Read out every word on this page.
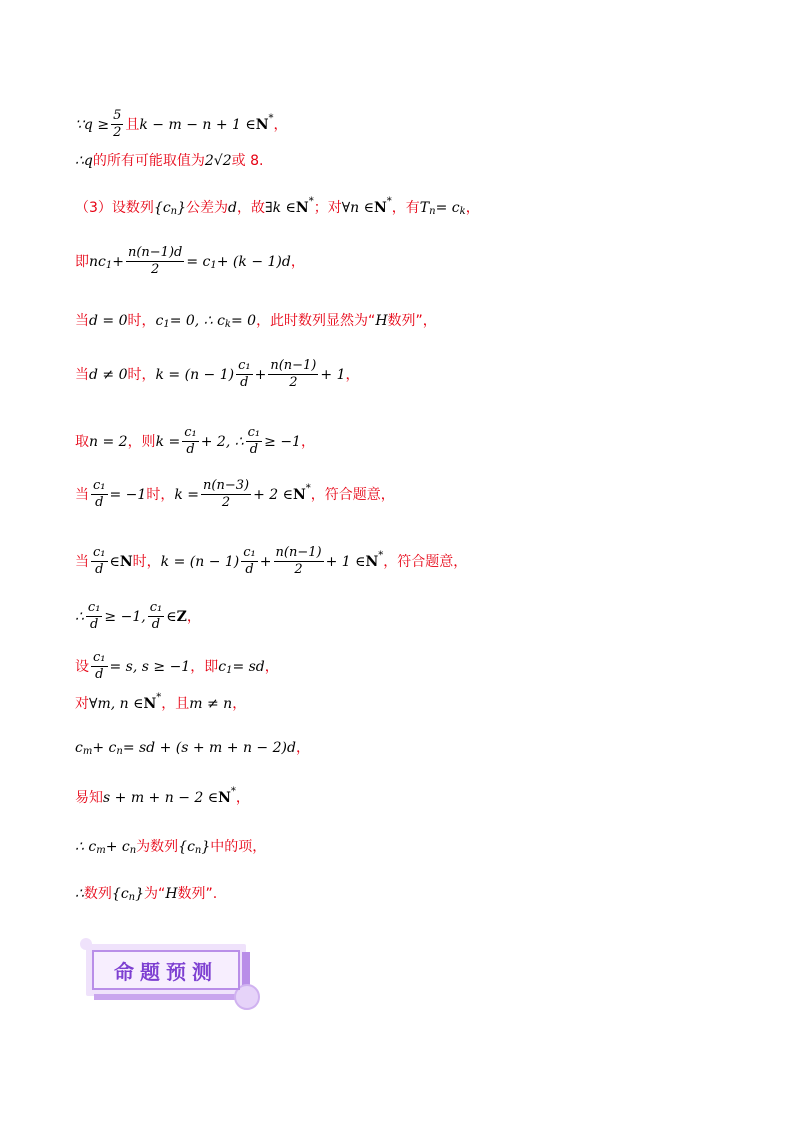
∵ $q \ge \frac{5}{2}$ 且 k − m − n + 1 ∈ N * ，
∴ q 的所有可能取值为 2√2 或 8.
（3）设数列 {c n } 公差为 d ，故 ∃k ∈ N * ；对 ∀n ∈ N * ，有 T n = c k ，
即 nc $1 + \frac{n(n-1)d}{2} = c$ 1 + (k − 1)d ，
当 d = 0 时， c 1 = 0, ∴ c k = 0 ，此时数列显然为“ H 数列”，
当 d ≠ 0 时， $k = (n - 1) \frac{\text{c₁}}{d} + \frac{n(n-1)}{2} + 1$ ，
取 n = 2 ，则 $k = \frac{\text{c₁}}{d} + 2$, ∴ $\frac{\text{c₁}}{d} \ge -1$ ，
当 $\frac{\text{c₁}}{d} = -1$ 时， $k = \frac{n(n-3)}{2} + 2$ ∈ N * ，符合题意，
当 $\frac{\text{c₁}}{d}$ ∈ N 时， $k = (n - 1) \frac{\text{c₁}}{d} + \frac{n(n-1)}{2} + 1$ ∈ N * ，符合题意，
∴ $\frac{\text{c₁}}{d} \ge -1$, $\frac{\text{c₁}}{d}$ ∈ Z ，
设 $\frac{\text{c₁}}{d} = s$, s ≥ −1 ，即 c 1 = sd ，
对 ∀m, n ∈ N * ，且 m ≠ n ，
c m + c n = sd + (s + m + n − 2)d ，
易知 s + m + n − 2 ∈ N * ，
∴ c m + c n 为数列 {c n } 中的项，
∴ 数列 {c n } 为“ H 数列”.
命题预测
